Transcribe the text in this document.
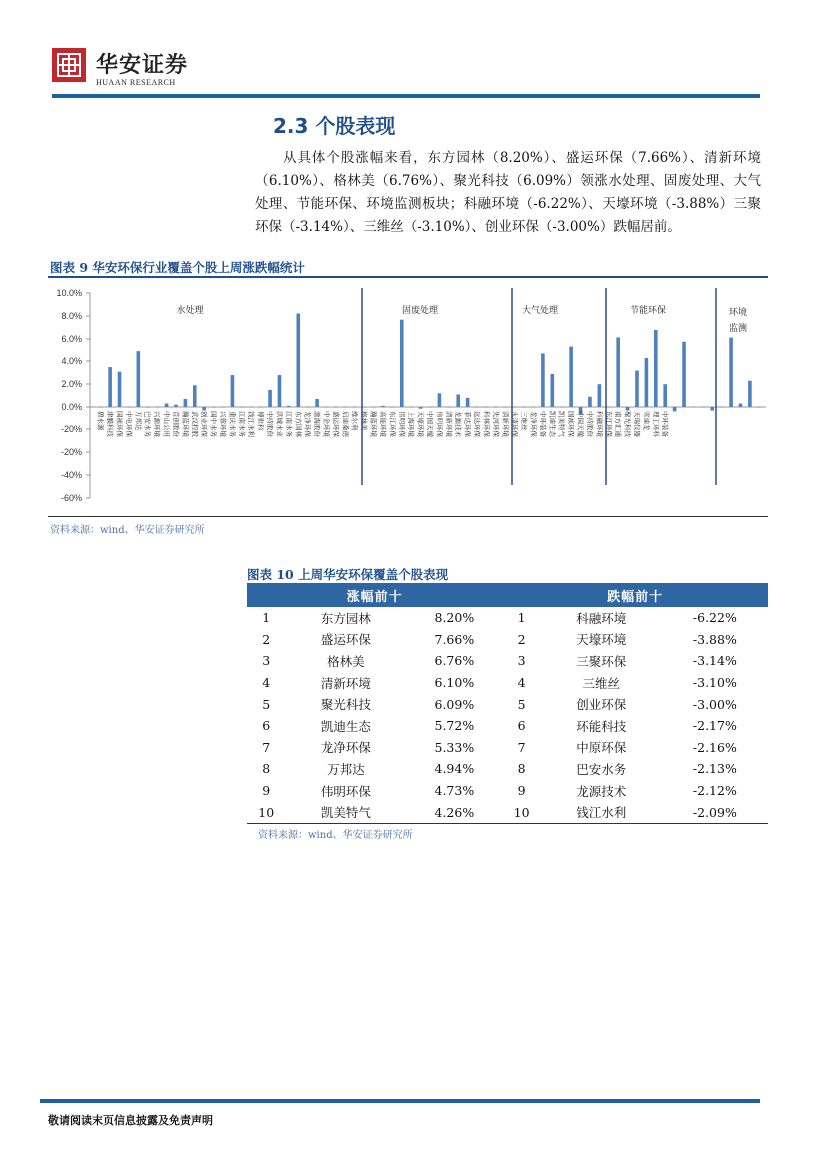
华安证券
HUAAN RESEARCH
2.3 个股表现
从具体个股涨幅来看，东方园林（8.20%）、盛运环保（7.66%）、清新环境（6.10%）、格林美（6.76%）、聚光科技（6.09%）领涨水处理、固废处理、大气处理、节能环保、环境监测板块；科融环境（-6.22%）、天壕环境（-3.88%）三聚环保（-3.14%）、三维丝（-3.10%）、创业环保（-3.00%）跌幅居前。
图表 9 华安环保行业覆盖个股上周涨跌幅统计
10.0%
8.0%
6.0%
4.0%
2.0%
0.0%
-20%
-20%
-40%
-60%
碧水源 津膜科技 国祯环保 中电环保 万邦达 巴安水务 兴源环境 中山公用 首创股份 瀚蓝环境 武汉控股 创业环保 国中水务 兴蓉环境 重庆水务 江南水务 钱江水利 博世科 中持股份 洪城水业 江南水务 东方园林 龙净环保 渤海股份 中金环境 盛运环保 启迪桑德 维尔利 格林美 瀚蓝环境 高能环境 东江环保 伟明环保 上海环境 天壕环境 中国天楹 伟明环保 清新环境 龙源技术 菲达环保 远达环保 科林环保 先河环保 清新环境 永清环保 三维丝 龙净环保 中环装备 凯迪生态 凯美特气 国祯环保 中国天楹 中持股份 科融环境 东江环保 南方汇通 聚光科技 天瑞仪器 雪迪龙 理工环科 中环装备
水处理	固废处理	大气处理	节能环保	环境
监测
资料来源：wind、华安证券研究所
图表 10 上周华安环保覆盖个股表现
涨幅前十			跌幅前十		
1	东方园林	8.20%	1	科融环境	-6.22%
2	盛运环保	7.66%	2	天壕环境	-3.88%
3	格林美	6.76%	3	三聚环保	-3.14%
4	清新环境	6.10%	4	三维丝	-3.10%
5	聚光科技	6.09%	5	创业环保	-3.00%
6	凯迪生态	5.72%	6	环能科技	-2.17%
7	龙净环保	5.33%	7	中原环保	-2.16%
8	万邦达	4.94%	8	巴安水务	-2.13%
9	伟明环保	4.73%	9	龙源技术	-2.12%
10	凯美特气	4.26%	10	钱江水利	-2.09%
资料来源：wind、华安证券研究所
敬请阅读末页信息披露及免责声明
